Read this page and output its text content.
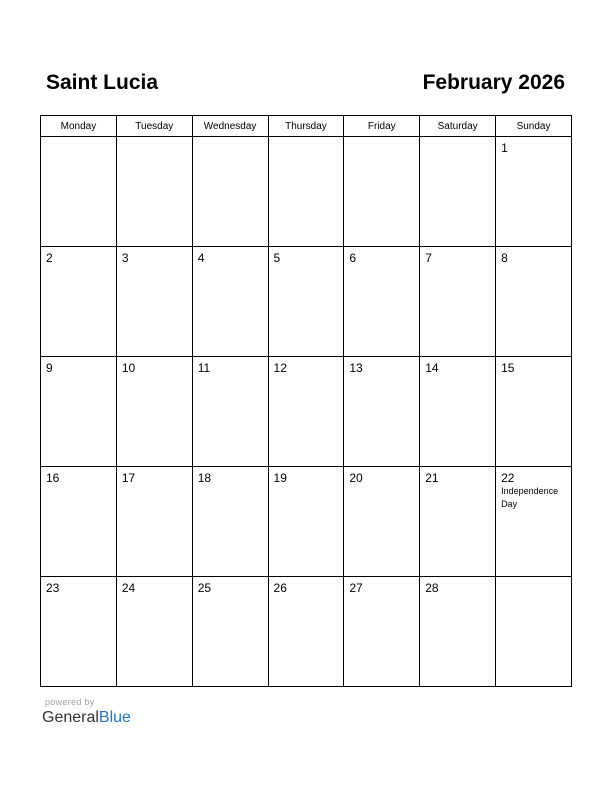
Saint Lucia	February 2026
Monday	Tuesday	Wednesday	Thursday	Friday	Saturday	Sunday

						1

2	3	4	5	6	7	8

9	10	11	12	13	14	15

16	17	18	19	20	21	22
Independence Day

23	24	25	26	27	28	

powered by
GeneralBlue
